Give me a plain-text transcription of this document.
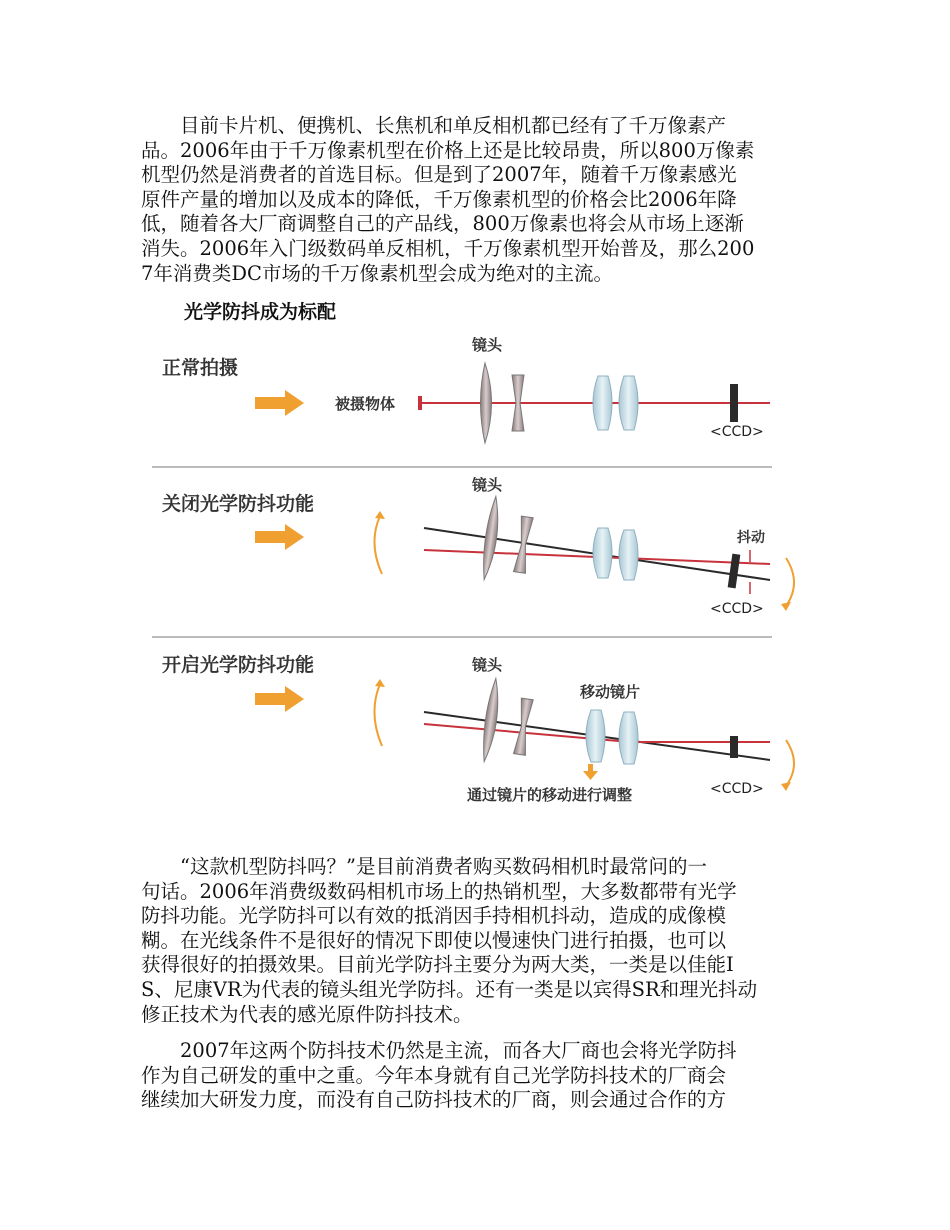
　　目前卡片机、便携机、长焦机和单反相机都已经有了千万像素产
品。2006年由于千万像素机型在价格上还是比较昂贵，所以800万像素
机型仍然是消费者的首选目标。但是到了2007年，随着千万像素感光
原件产量的增加以及成本的降低，千万像素机型的价格会比2006年降
低，随着各大厂商调整自己的产品线，800万像素也将会从市场上逐渐
消失。2006年入门级数码单反相机，千万像素机型开始普及，那么200
7年消费类DC市场的千万像素机型会成为绝对的主流。

光学防抖成为标配
正常拍摄
镜头
被摄物体
<CCD>
关闭光学防抖功能
镜头
抖动
<CCD>
开启光学防抖功能	镜头
移动镜片
<CCD>
通过镜片的移动进行调整

　　“这款机型防抖吗？”是目前消费者购买数码相机时最常问的一
句话。2006年消费级数码相机市场上的热销机型，大多数都带有光学
防抖功能。光学防抖可以有效的抵消因手持相机抖动，造成的成像模
糊。在光线条件不是很好的情况下即使以慢速快门进行拍摄，也可以
获得很好的拍摄效果。目前光学防抖主要分为两大类，一类是以佳能I
S、尼康VR为代表的镜头组光学防抖。还有一类是以宾得SR和理光抖动
修正技术为代表的感光原件防抖技术。

　　2007年这两个防抖技术仍然是主流，而各大厂商也会将光学防抖
作为自己研发的重中之重。今年本身就有自己光学防抖技术的厂商会
继续加大研发力度，而没有自己防抖技术的厂商，则会通过合作的方
